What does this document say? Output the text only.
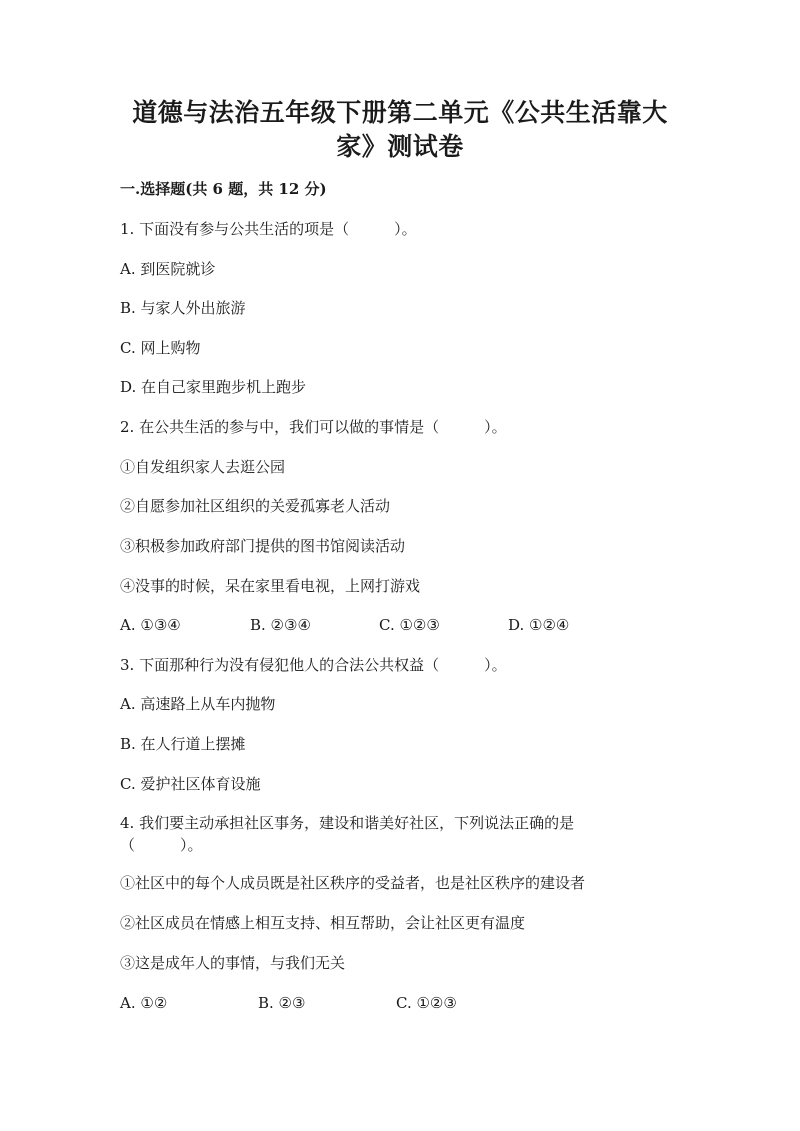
道德与法治五年级下册第二单元《公共生活靠大
家》测试卷
一.选择题(共 6 题，共 12 分)
1. 下面没有参与公共生活的项是（　　　）。
A. 到医院就诊
B. 与家人外出旅游
C. 网上购物
D. 在自己家里跑步机上跑步
2. 在公共生活的参与中，我们可以做的事情是（　　　）。
①自发组织家人去逛公园
②自愿参加社区组织的关爱孤寡老人活动
③积极参加政府部门提供的图书馆阅读活动
④没事的时候，呆在家里看电视，上网打游戏
A. ①③④	B. ②③④	C. ①②③	D. ①②④
3. 下面那种行为没有侵犯他人的合法公共权益（　　　）。
A. 高速路上从车内抛物
B. 在人行道上摆摊
C. 爱护社区体育设施
4. 我们要主动承担社区事务，建设和谐美好社区，下列说法正确的是
（　　　）。
①社区中的每个人成员既是社区秩序的受益者，也是社区秩序的建设者
②社区成员在情感上相互支持、相互帮助，会让社区更有温度
③这是成年人的事情，与我们无关
A. ①②	B. ②③	C. ①②③
